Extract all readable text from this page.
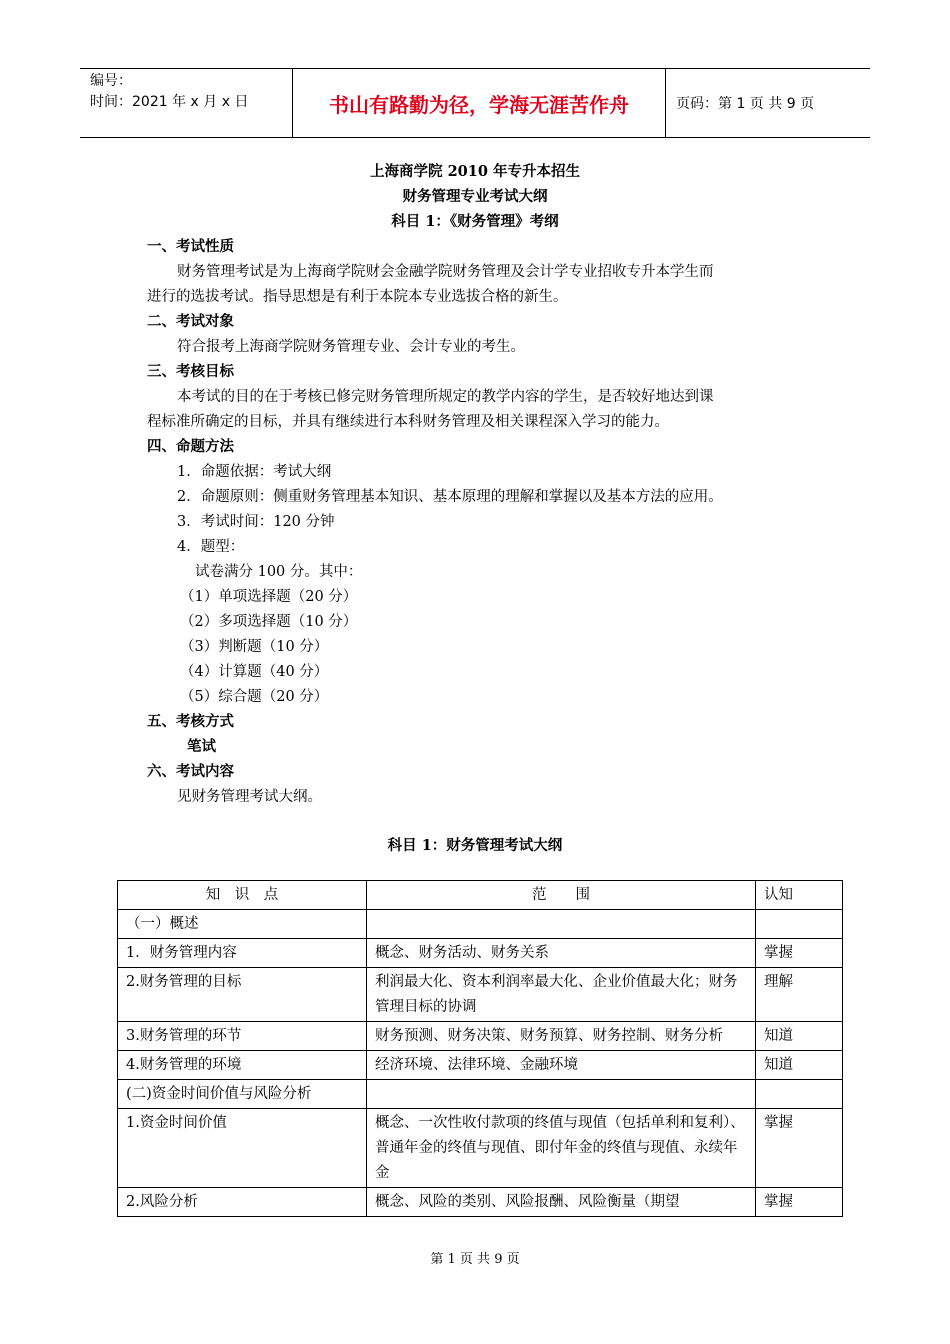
编号：
时间：2021 年 x 月 x 日	书山有路勤为径，学海无涯苦作舟	页码：第 1 页 共 9 页
上海商学院 2010 年专升本招生
财务管理专业考试大纲
科目 1：《财务管理》考纲
一、考试性质
财务管理考试是为上海商学院财会金融学院财务管理及会计学专业招收专升本学生而
进行的选拔考试。指导思想是有利于本院本专业选拔合格的新生。
二、考试对象
符合报考上海商学院财务管理专业、会计专业的考生。
三、考核目标
本考试的目的在于考核已修完财务管理所规定的教学内容的学生，是否较好地达到课
程标准所确定的目标，并具有继续进行本科财务管理及相关课程深入学习的能力。
四、命题方法
1．命题依据：考试大纲
2．命题原则：侧重财务管理基本知识、基本原理的理解和掌握以及基本方法的应用。
3．考试时间：120 分钟
4．题型：
试卷满分 100 分。其中：
（1）单项选择题（20 分）
（2）多项选择题（10 分）
（3）判断题（10 分）
（4）计算题（40 分）
（5）综合题（20 分）
五、考核方式
笔试
六、考试内容
见财务管理考试大纲。
科目 1：财务管理考试大纲
知　识　点	范　　围	认知
（一）概述		
1．财务管理内容	概念、财务活动、财务关系	掌握
2.财务管理的目标	利润最大化、资本利润率最大化、企业价值最大化；财务管理目标的协调	理解
3.财务管理的环节	财务预测、财务决策、财务预算、财务控制、财务分析	知道
4.财务管理的环境	经济环境、法律环境、金融环境	知道
(二)资金时间价值与风险分析		
1.资金时间价值	概念、一次性收付款项的终值与现值（包括单利和复利）、普通年金的终值与现值、即付年金的终值与现值、永续年金	掌握
2.风险分析	概念、风险的类别、风险报酬、风险衡量（期望	掌握
第 1 页 共 9 页
